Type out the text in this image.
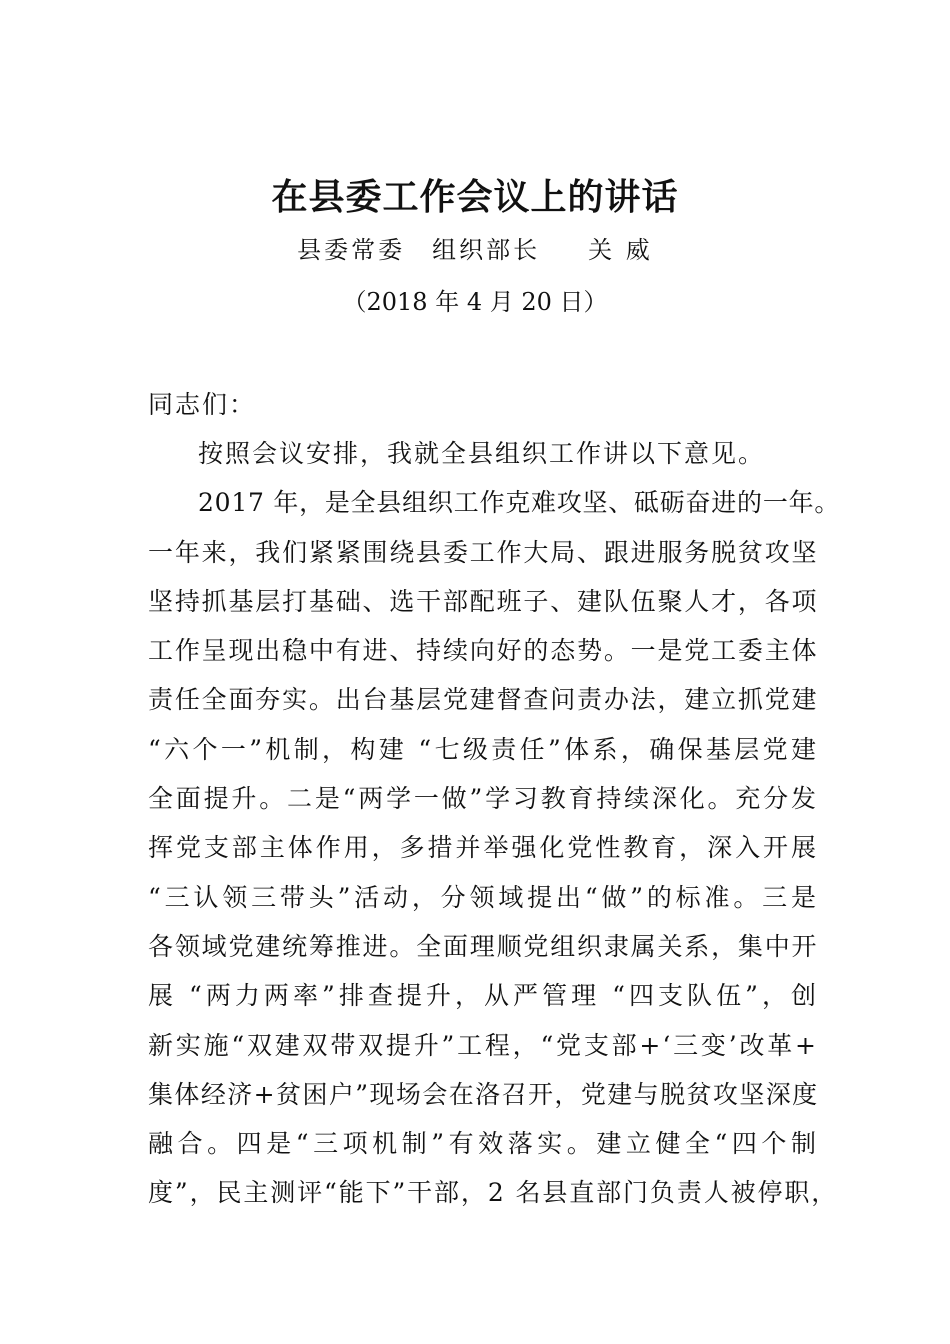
在县委工作会议上的讲话
县委常委　组织部长　　 关 威
（2018 年 4 月 20 日）
同志们：
按照会议安排，我就全县组织工作讲以下意见。
2017 年，是全县组织工作克难攻坚、砥砺奋进的一年。
一年来，我们紧紧围绕县委工作大局、跟进服务脱贫攻坚
坚持抓基层打基础、选干部配班子、建队伍聚人才，各项
工作呈现出稳中有进、持续向好的态势。一是党工委主体
责任全面夯实。出台基层党建督查问责办法，建立抓党建
“六个一”机制，构建 “七级责任”体系，确保基层党建
全面提升。二是“两学一做”学习教育持续深化。充分发
挥党支部主体作用，多措并举强化党性教育，深入开展
“三认领三带头”活动，分领域提出“做”的标准。三是
各领域党建统筹推进。全面理顺党组织隶属关系，集中开
展 “两力两率”排查提升，从严管理 “四支队伍”，创
新实施“双建双带双提升”工程，“党支部+‘三变’改革+
集体经济+贫困户”现场会在洛召开，党建与脱贫攻坚深度
融合。四是“三项机制”有效落实。建立健全“四个制
度”，民主测评“能下”干部，2 名县直部门负责人被停职，
